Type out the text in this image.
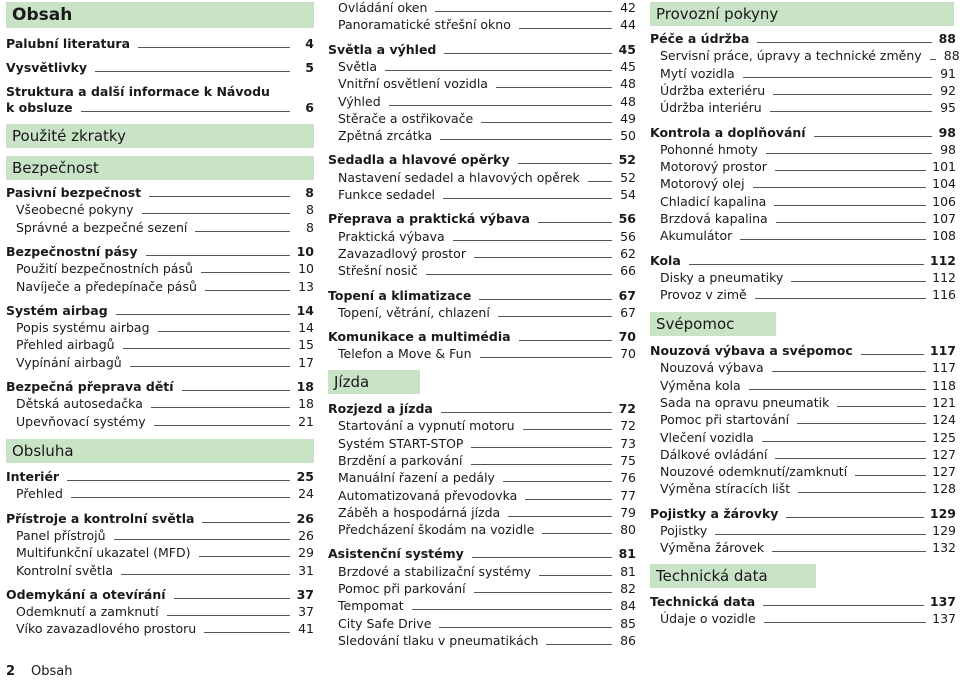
Obsah
Palubní literatura	4
Vysvětlivky	5
Struktura a další informace k Návodu
k obsluze	6
Použité zkratky
Bezpečnost
Pasivní bezpečnost	8
Všeobecné pokyny	8
Správné a bezpečné sezení	8
Bezpečnostní pásy	10
Použití bezpečnostních pásů	10
Navíječe a předepínače pásů	13
Systém airbag	14
Popis systému airbag	14
Přehled airbagů	15
Vypínání airbagů	17
Bezpečná přeprava dětí	18
Dětská autosedačka	18
Upevňovací systémy	21
Obsluha
Interiér	25
Přehled	24
Přístroje a kontrolní světla	26
Panel přístrojů	26
Multifunkční ukazatel (MFD)	29
Kontrolní světla	31
Odemykání a otevírání	37
Odemknutí a zamknutí	37
Víko zavazadlového prostoru	41
Ovládání oken	42
Panoramatické střešní okno	44
Světla a výhled	45
Světla	45
Vnitřní osvětlení vozidla	48
Výhled	48
Stěrače a ostřikovače	49
Zpětná zrcátka	50
Sedadla a hlavové opěrky	52
Nastavení sedadel a hlavových opěrek	52
Funkce sedadel	54
Přeprava a praktická výbava	56
Praktická výbava	56
Zavazadlový prostor	62
Střešní nosič	66
Topení a klimatizace	67
Topení, větrání, chlazení	67
Komunikace a multimédia	70
Telefon a Move & Fun	70
Jízda
Rozjezd a jízda	72
Startování a vypnutí motoru	72
Systém START-STOP	73
Brzdění a parkování	75
Manuální řazení a pedály	76
Automatizovaná převodovka	77
Záběh a hospodárná jízda	79
Předcházení škodám na vozidle	80
Asistenční systémy	81
Brzdové a stabilizační systémy	81
Pomoc při parkování	82
Tempomat	84
City Safe Drive	85
Sledování tlaku v pneumatikách	86
Provozní pokyny
Péče a údržba	88
Servisní práce, úpravy a technické změny 88
Mytí vozidla	91
Údržba exteriéru	92
Údržba interiéru	95
Kontrola a doplňování	98
Pohonné hmoty	98
Motorový prostor	101
Motorový olej	104
Chladicí kapalina	106
Brzdová kapalina	107
Akumulátor	108
Kola	112
Disky a pneumatiky	112
Provoz v zimě	116
Svépomoc
Nouzová výbava a svépomoc	117
Nouzová výbava	117
Výměna kola	118
Sada na opravu pneumatik	121
Pomoc při startování	124
Vlečení vozidla	125
Dálkové ovládání	127
Nouzové odemknutí/zamknutí	127
Výměna stíracích lišt	128
Pojistky a žárovky	129
Pojistky	129
Výměna žárovek	132
Technická data
Technická data	137
Údaje o vozidle	137
2 Obsah
